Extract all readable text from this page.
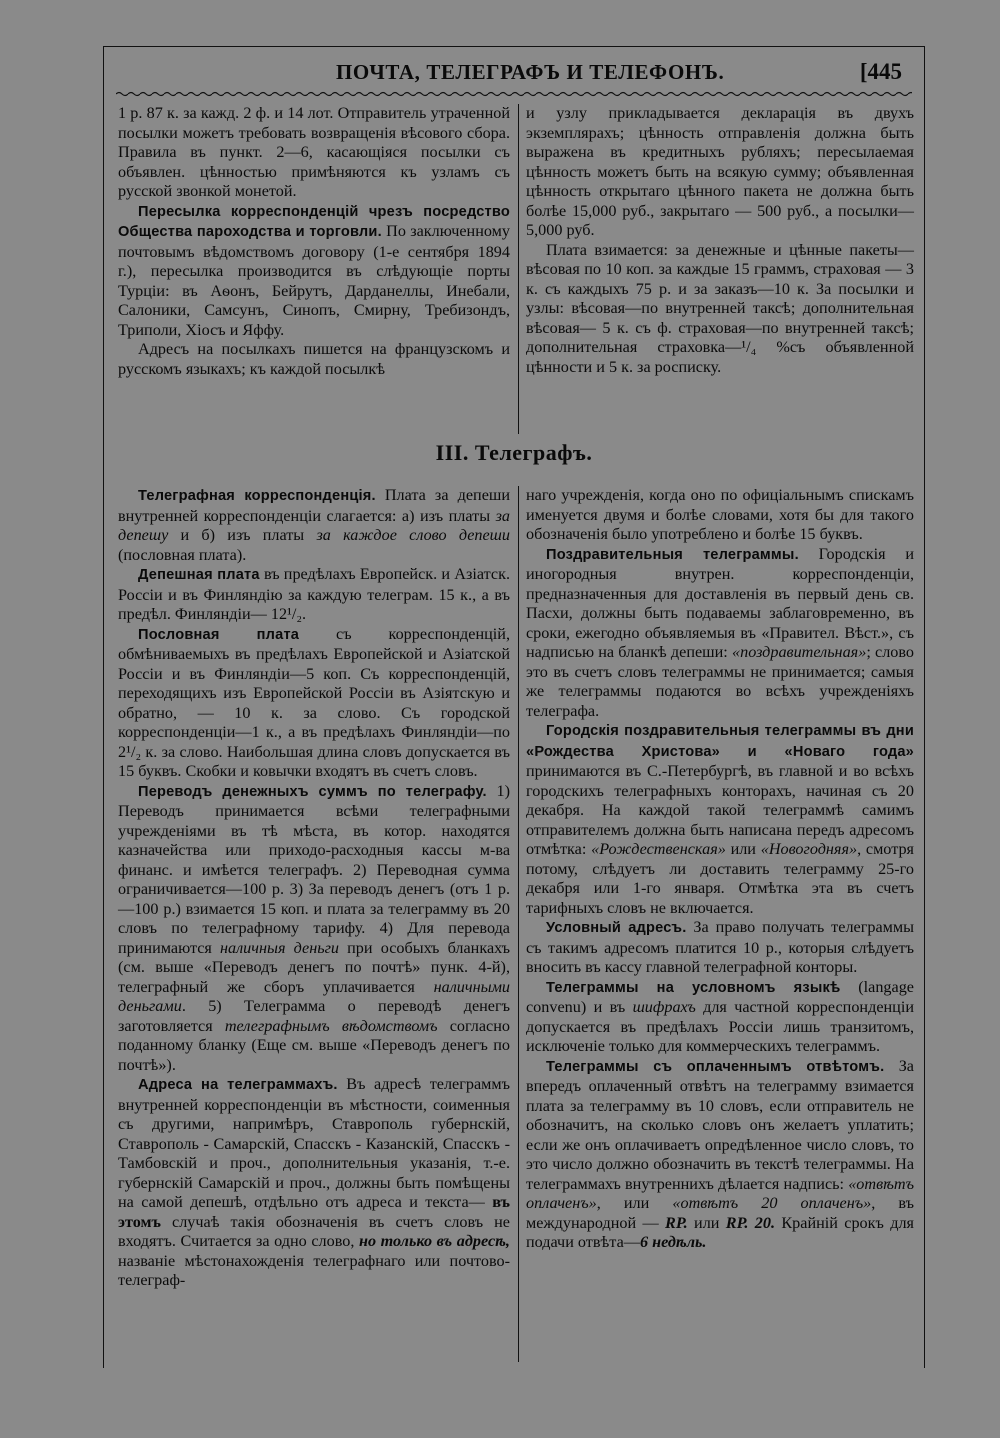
ПОЧТА, ТЕЛЕГРАФЪ И ТЕЛЕФОНЪ.	[445

1 р. 87 к. за кажд. 2 ф. и 14 лот. Отправитель утраченной посылки можетъ требовать возвращенія вѣсового сбора. Правила въ пункт. 2—6, касающіяся посылки съ объявлен. цѣнностью примѣняются къ узламъ съ русской звонкой монетой.

Пересылка корреспонденцій чрезъ посредство Общества пароходства и торговли. По заключенному почтовымъ вѣдомствомъ договору (1-е сентября 1894 г.), пересылка производится въ слѣдующіе порты Турціи: въ Аѳонъ, Бейрутъ, Дарданеллы, Инебали, Салоники, Самсунъ, Синопъ, Смирну, Требизондъ, Триполи, Хіосъ и Яффу.

Адресъ на посылкахъ пишется на французскомъ и русскомъ языкахъ; къ каждой посылкѣ

и узлу прикладывается декларація въ двухъ экземплярахъ; цѣнность отправленія должна быть выражена въ кредитныхъ рубляхъ; пересылаемая цѣнность можетъ быть на всякую сумму; объявленная цѣнность открытаго цѣнного пакета не должна быть болѣе 15,000 руб., закрытаго — 500 руб., а посылки— 5,000 руб.

Плата взимается: за денежные и цѣнные пакеты— вѣсовая по 10 коп. за каждые 15 граммъ, страховая — 3 к. съ каждыхъ 75 р. и за заказъ—10 к. За посылки и узлы: вѣсовая—по внутренней таксѣ; дополнительная вѣсовая— 5 к. съ ф. страховая—по внутренней таксѣ; дополнительная страховка—¹/₄ %съ объявленной цѣнности и 5 к. за росписку.

III. Телеграфъ.

Телеграфная корреспонденція. Плата за депеши внутренней корреспонденціи слагается: а) изъ платы за депешу и б) изъ платы за каждое слово депеши (пословная плата).

Депешная плата въ предѣлахъ Европейск. и Азіатск. Россіи и въ Финляндію за каждую телеграм. 15 к., а въ предѣл. Финляндіи— 12¹/₂.

Пословная плата съ корреспонденцій, обмѣниваемыхъ въ предѣлахъ Европейской и Азіатской Россіи и въ Финляндіи—5 коп. Съ корреспонденцій, переходящихъ изъ Европейской Россіи въ Азіятскую и обратно, — 10 к. за слово. Съ городской корреспонденціи—1 к., а въ предѣлахъ Финляндіи—по 2¹/₂ к. за слово. Наибольшая длина словъ допускается въ 15 буквъ. Скобки и ковычки входятъ въ счетъ словъ.

Переводъ денежныхъ суммъ по телеграфу. 1) Переводъ принимается всѣми телеграфными учрежденіями въ тѣ мѣста, въ котор. находятся казначейства или приходо-расходныя кассы м-ва финанс. и имѣется телеграфъ. 2) Переводная сумма ограничивается—100 р. 3) За переводъ денегъ (отъ 1 р.—100 р.) взимается 15 коп. и плата за телеграмму въ 20 словъ по телеграфному тарифу. 4) Для перевода принимаются наличныя деньги при особыхъ бланкахъ (см. выше «Переводъ денегъ по почтѣ» пунк. 4-й), телеграфный же сборъ уплачивается наличными деньгами. 5) Телеграмма о переводѣ денегъ заготовляется телеграфнымъ вѣдомствомъ согласно поданному бланку (Еще см. выше «Переводъ денегъ по почтѣ»).

Адреса на телеграммахъ. Въ адресѣ телеграммъ внутренней корреспонденціи въ мѣстности, соименныя съ другими, напримѣръ, Ставрополь губернскій, Ставрополь - Самарскій, Спасскъ - Казанскій, Спасскъ - Тамбовскій и проч., дополнительныя указанія, т.-е. губернскій Самарскій и проч., должны быть помѣщены на самой депешѣ, отдѣльно отъ адреса и текста— въ этомъ случаѣ такія обозначенія въ счетъ словъ не входятъ. Считается за одно слово, но только въ адресѣ, названіе мѣстонахожденія телеграфнаго или почтово-телеграф-

наго учрежденія, когда оно по офиціальнымъ спискамъ именуется двумя и болѣе словами, хотя бы для такого обозначенія было употреблено и болѣе 15 буквъ.

Поздравительныя телеграммы. Городскія и иногородныя внутрен. корреспонденціи, предназначенныя для доставленія въ первый день св. Пасхи, должны быть подаваемы заблаговременно, въ сроки, ежегодно объявляемыя въ «Правител. Вѣст.», съ надписью на бланкѣ депеши: «поздравительная»; слово это въ счетъ словъ телеграммы не принимается; самыя же телеграммы подаются во всѣхъ учрежденіяхъ телеграфа.

Городскія поздравительныя телеграммы въ дни «Рождества Христова» и «Новаго года» принимаются въ С.-Петербургѣ, въ главной и во всѣхъ городскихъ телеграфныхъ конторахъ, начиная съ 20 декабря. На каждой такой телеграммѣ самимъ отправителемъ должна быть написана передъ адресомъ отмѣтка: «Рождественская» или «Новогодняя», смотря потому, слѣдуетъ ли доставить телеграмму 25-го декабря или 1-го января. Отмѣтка эта въ счетъ тарифныхъ словъ не включается.

Условный адресъ. За право получать телеграммы съ такимъ адресомъ платится 10 р., которыя слѣдуетъ вносить въ кассу главной телеграфной конторы.

Телеграммы на условномъ языкѣ (langage convenu) и въ шифрахъ для частной корреспонденціи допускается въ предѣлахъ Россіи лишь транзитомъ, исключеніе только для коммерческихъ телеграммъ.

Телеграммы съ оплаченнымъ отвѣтомъ. За впередъ оплаченный отвѣтъ на телеграмму взимается плата за телеграмму въ 10 словъ, если отправитель не обозначитъ, на сколько словъ онъ желаетъ уплатить; если же онъ оплачиваетъ опредѣленное число словъ, то это число должно обозначить въ текстѣ телеграммы. На телеграммахъ внутреннихъ дѣлается надпись: «отвѣтъ оплаченъ», или «отвѣтъ 20 оплаченъ», въ международной — RP. или RP. 20. Крайній срокъ для подачи отвѣта—6 недѣль.
